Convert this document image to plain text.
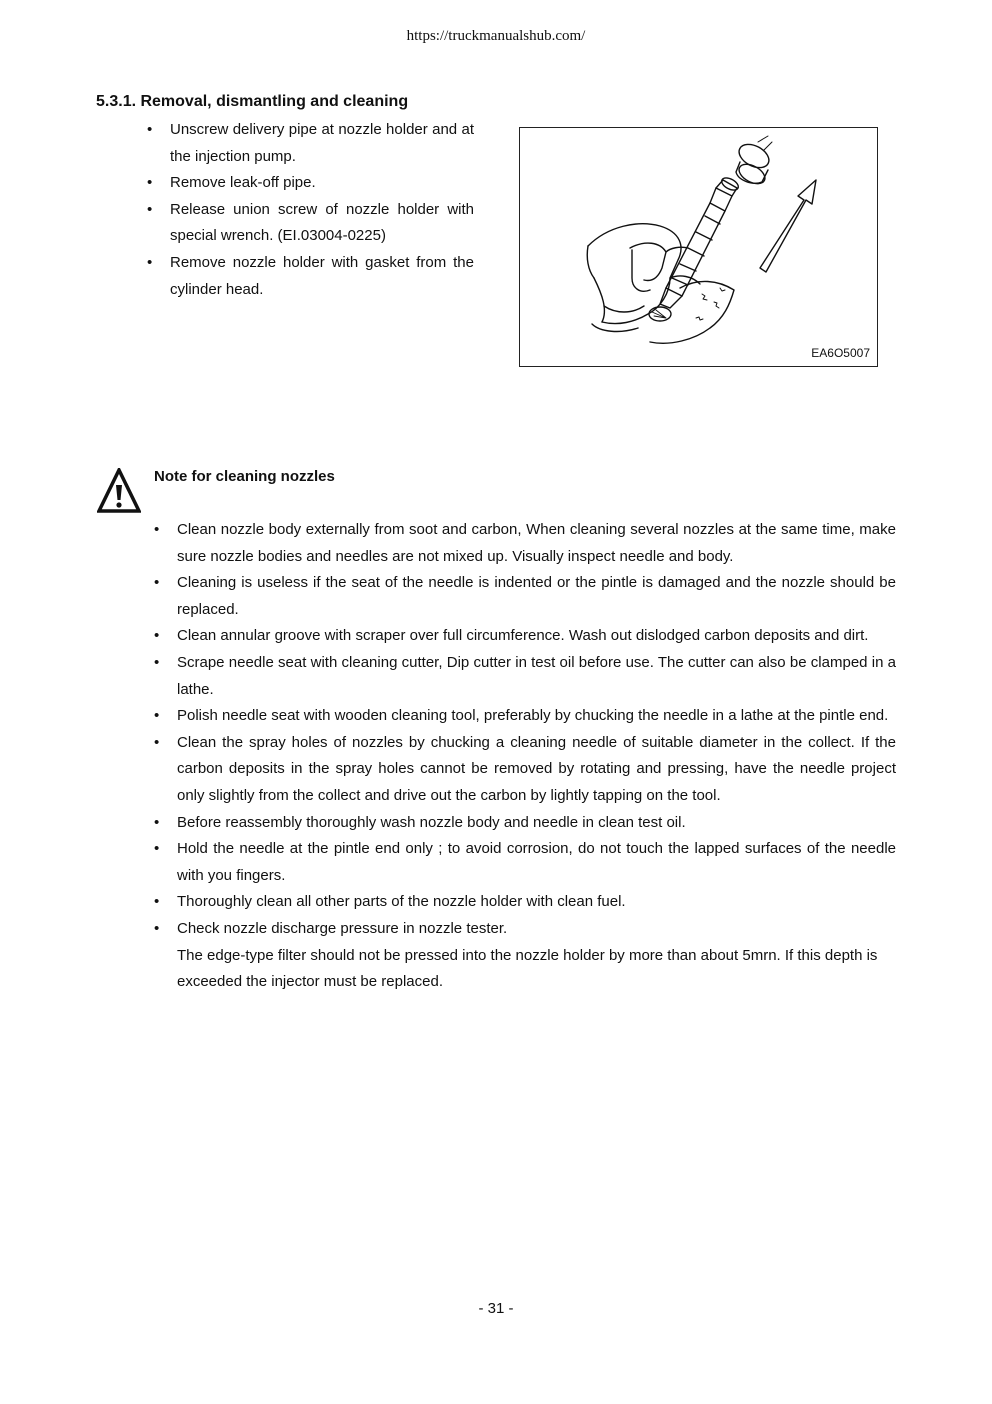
https://truckmanualshub.com/
5.3.1. Removal, dismantling and cleaning
• Unscrew delivery pipe at nozzle holder and at the injection pump.
• Remove leak-off pipe.
• Release union screw of nozzle holder with special wrench. (EI.03004-0225)
• Remove nozzle holder with gasket from the cylinder head.
EA6O5007
Note for cleaning nozzles
• Clean nozzle body externally from soot and carbon, When cleaning several nozzles at the same time, make sure nozzle bodies and needles are not mixed up. Visually inspect needle and body.
• Cleaning is useless if the seat of the needle is indented or the pintle is damaged and the nozzle should be replaced.
• Clean annular groove with scraper over full circumference. Wash out dislodged carbon deposits and dirt.
• Scrape needle seat with cleaning cutter, Dip cutter in test oil before use. The cutter can also be clamped in a lathe.
• Polish needle seat with wooden cleaning tool, preferably by chucking the needle in a lathe at the pintle end.
• Clean the spray holes of nozzles by chucking a cleaning needle of suitable diameter in the collect. If the carbon deposits in the spray holes cannot be removed by rotating and pressing, have the needle project only slightly from the collect and drive out the carbon by lightly tapping on the tool.
• Before reassembly thoroughly wash nozzle body and needle in clean test oil.
• Hold the needle at the pintle end only ; to avoid corrosion, do not touch the lapped surfaces of the needle with you fingers.
• Thoroughly clean all other parts of the nozzle holder with clean fuel.
• Check nozzle discharge pressure in nozzle tester.
The edge-type filter should not be pressed into the nozzle holder by more than about 5mrn. If this depth is exceeded the injector must be replaced.
- 31 -
